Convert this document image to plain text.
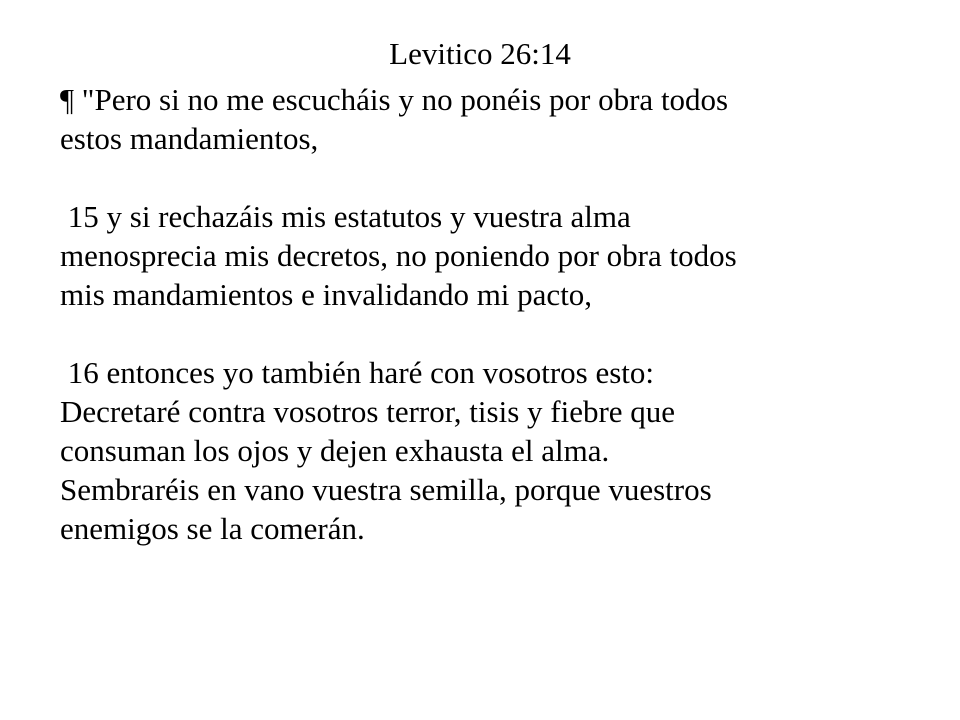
Levitico 26:14
¶ "Pero si no me escucháis y no ponéis por obra todos
estos mandamientos,
15 y si rechazáis mis estatutos y vuestra alma
menosprecia mis decretos, no poniendo por obra todos
mis mandamientos e invalidando mi pacto,
16 entonces yo también haré con vosotros esto:
Decretaré contra vosotros terror, tisis y fiebre que
consuman los ojos y dejen exhausta el alma.
Sembraréis en vano vuestra semilla, porque vuestros
enemigos se la comerán.
